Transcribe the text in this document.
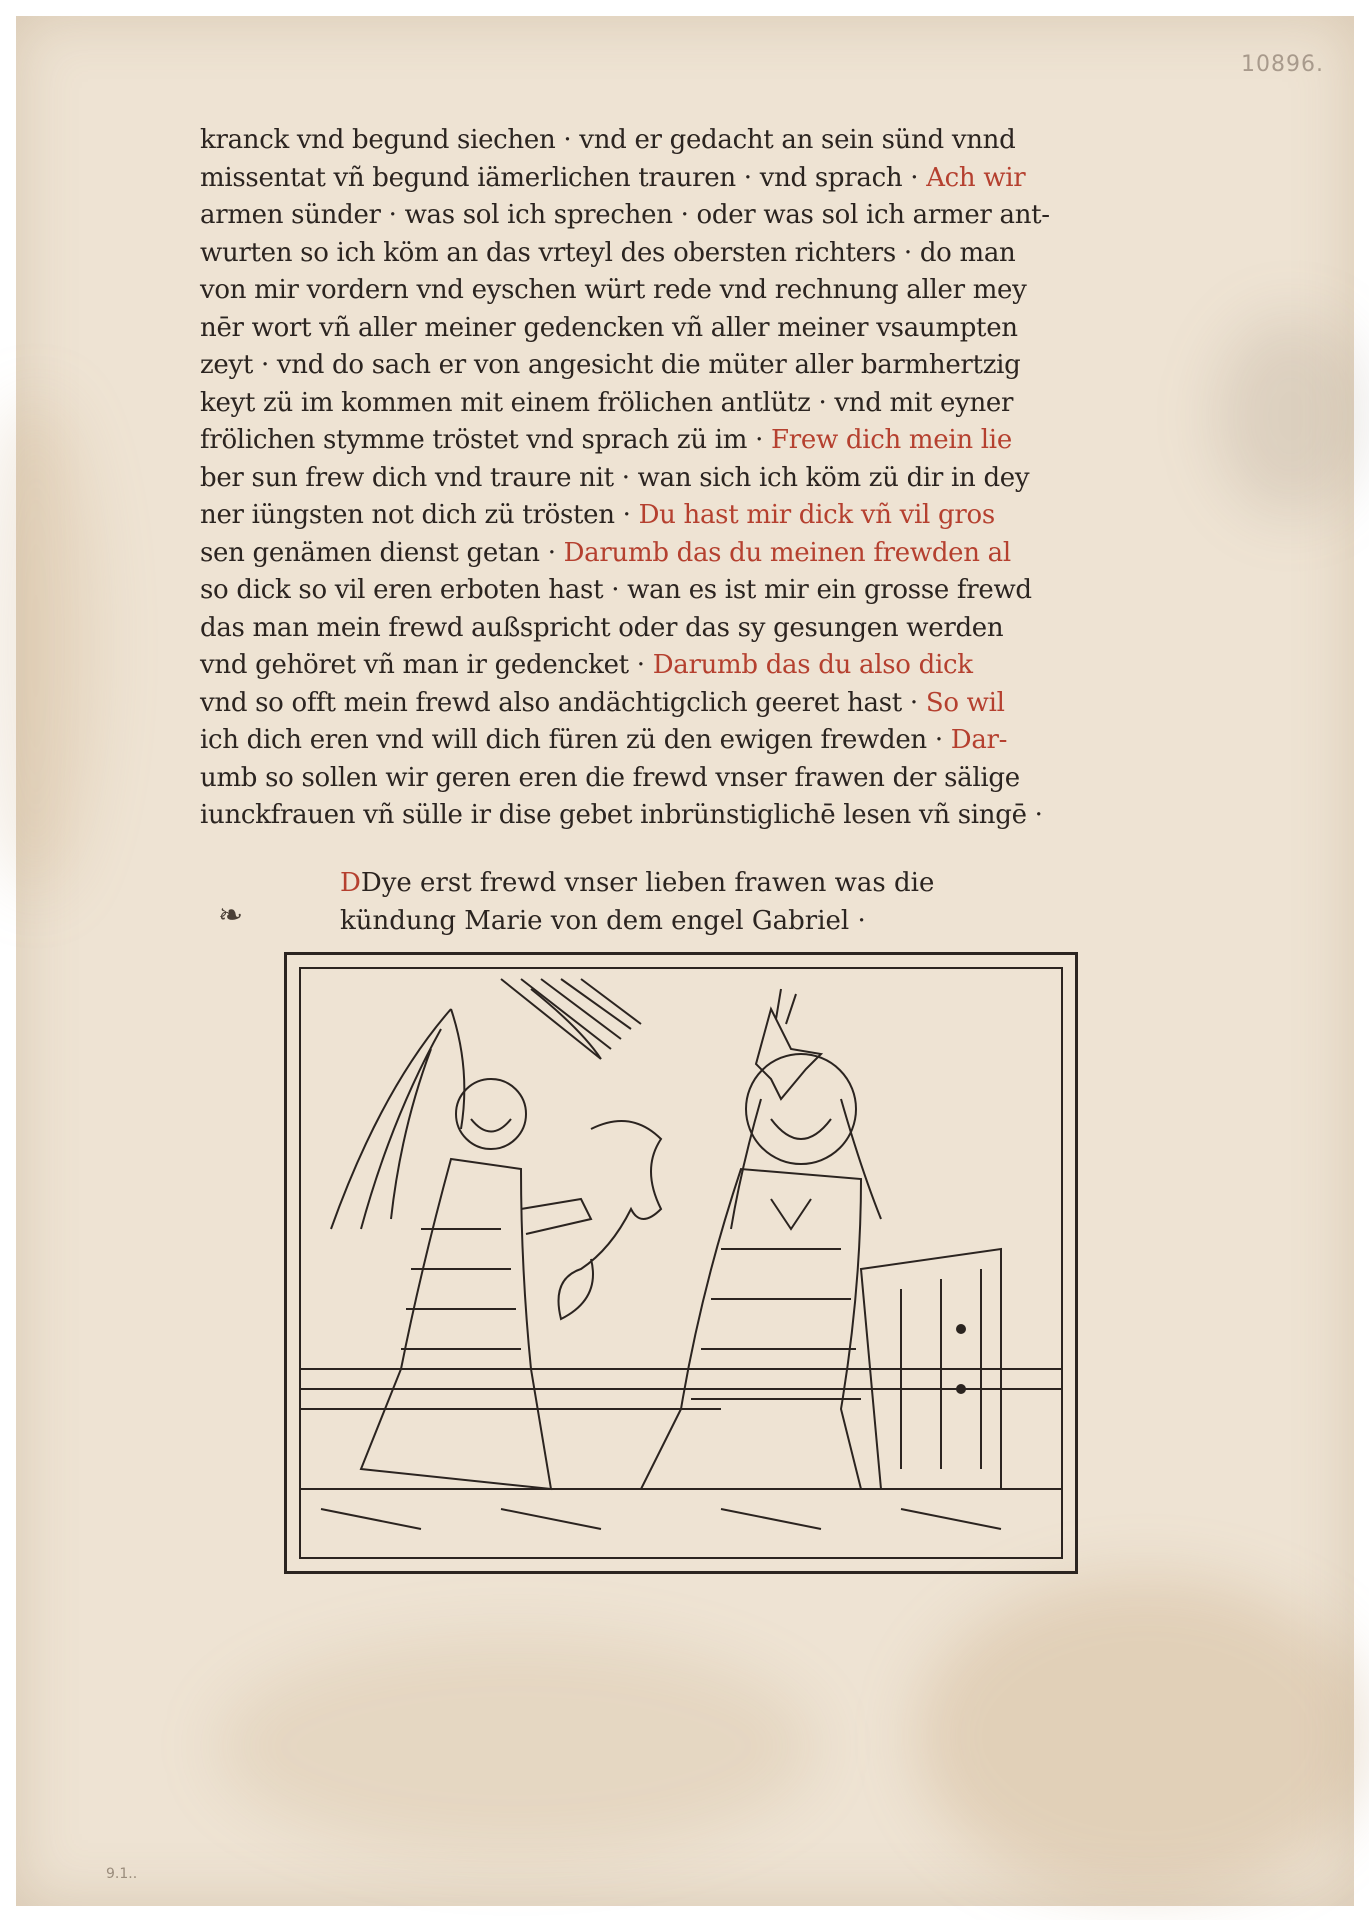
10896.
kranck vnd begund siechen · vnd er gedacht an sein sünd vnnd
missentat vñ begund iämerlichen trauren · vnd sprach · Ach wir
armen sünder · was sol ich sprechen · oder was sol ich armer ant-
wurten so ich köm an das vrteyl des obersten richters · do man
von mir vordern vnd eyschen würt rede vnd rechnung aller mey
nēr wort vñ aller meiner gedencken vñ aller meiner vsaumpten
zeyt · vnd do sach er von angesicht die müter aller barmhertzig
keyt zü im kommen mit einem frölichen antlütz · vnd mit eyner
frölichen stymme tröstet vnd sprach zü im · Frew dich mein lie
ber sun frew dich vnd traure nit · wan sich ich köm zü dir in dey
ner iüngsten not dich zü trösten · Du hast mir dick vñ vil gros
sen genämen dienst getan · Darumb das du meinen frewden al
so dick so vil eren erboten hast · wan es ist mir ein grosse frewd
das man mein frewd außspricht oder das sy gesungen werden
vnd gehöret vñ man ir gedencket · Darumb das du also dick
vnd so offt mein frewd also andächtigclich geeret hast · So wil
ich dich eren vnd will dich füren zü den ewigen frewden · Dar-
umb so sollen wir geren eren die frewd vnser frawen der sälige
iunckfrauen vñ sülle ir dise gebet inbrünstiglichē lesen vñ singē ·
❧
DDye erst frewd vnser lieben frawen was die
kündung Marie von dem engel Gabriel ·
9.1..
